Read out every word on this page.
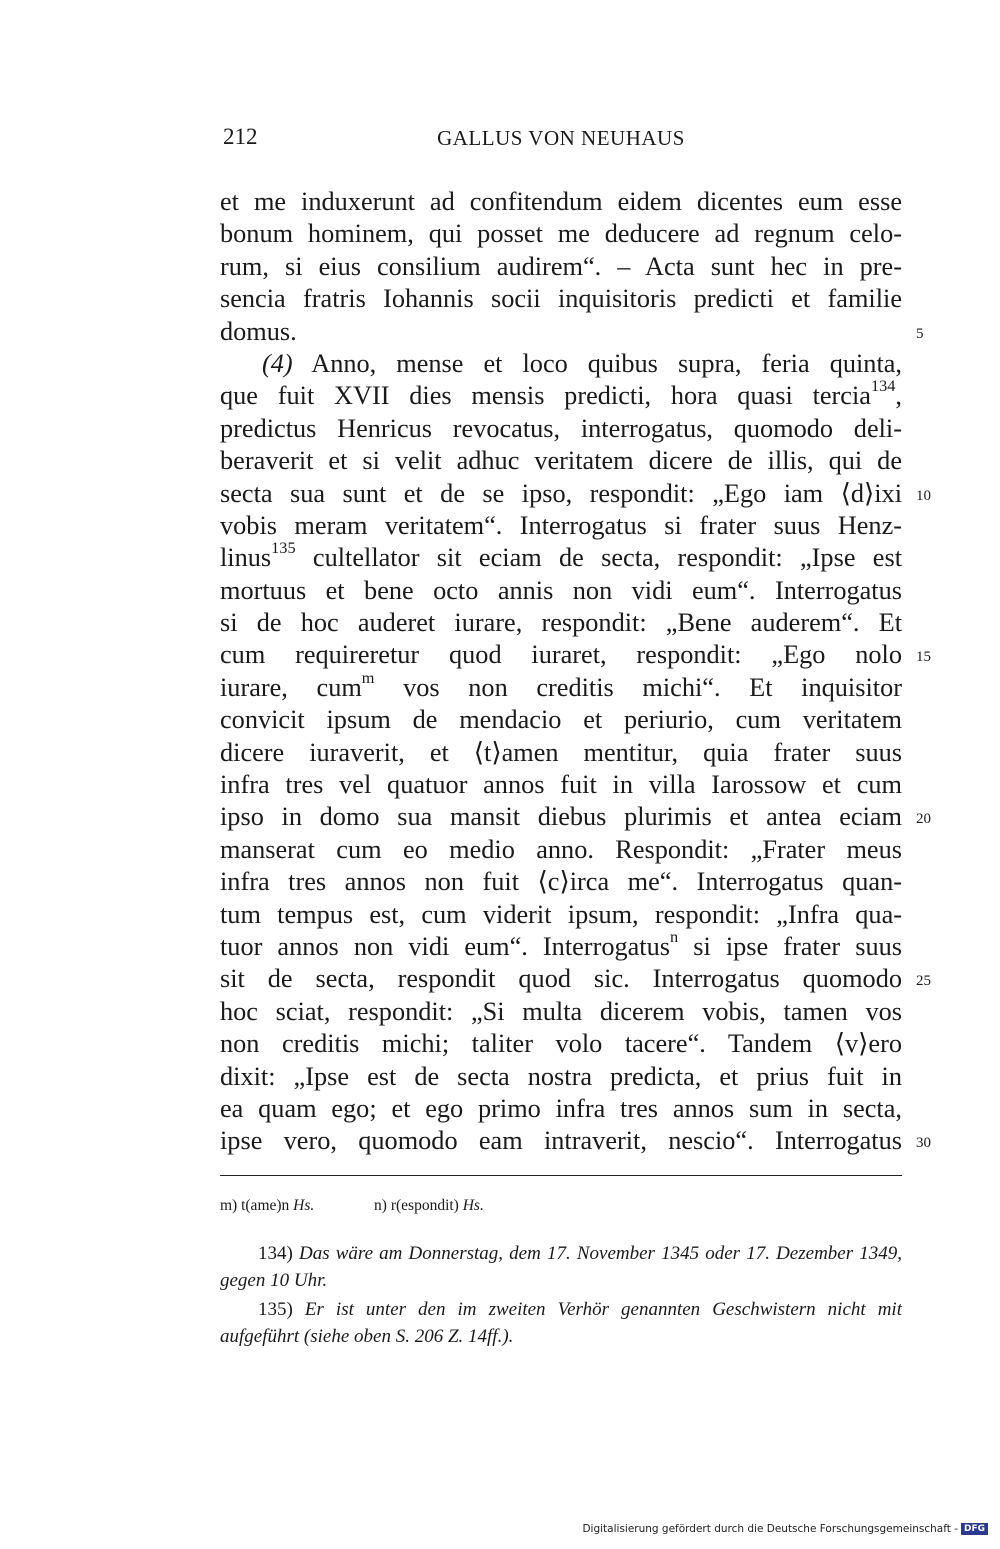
212	GALLUS VON NEUHAUS
et me induxerunt ad confitendum eidem dicentes eum esse
bonum hominem, qui posset me deducere ad regnum celo-
rum, si eius consilium audirem“. – Acta sunt hec in pre-
sencia fratris Iohannis socii inquisitoris predicti et familie
domus.	5
(4) Anno, mense et loco quibus supra, feria quinta,
que fuit XVII dies mensis predicti, hora quasi tercia$^{134}$,
predictus Henricus revocatus, interrogatus, quomodo deli-
beraverit et si velit adhuc veritatem dicere de illis, qui de
secta sua sunt et de se ipso, respondit: „Ego iam ⟨d⟩ixi 10
vobis meram veritatem“. Interrogatus si frater suus Henz-
linus$^{135}$ cultellator sit eciam de secta, respondit: „Ipse est
mortuus et bene octo annis non vidi eum“. Interrogatus
si de hoc auderet iurare, respondit: „Bene auderem“. Et
cum requireretur quod iuraret, respondit: „Ego nolo 15
iurare, cum$^m$ vos non creditis michi“. Et inquisitor
convicit ipsum de mendacio et periurio, cum veritatem
dicere iuraverit, et ⟨t⟩amen mentitur, quia frater suus
infra tres vel quatuor annos fuit in villa Iarossow et cum
ipso in domo sua mansit diebus plurimis et antea eciam 20
manserat cum eo medio anno. Respondit: „Frater meus
infra tres annos non fuit ⟨c⟩irca me“. Interrogatus quan-
tum tempus est, cum viderit ipsum, respondit: „Infra qua-
tuor annos non vidi eum“. Interrogatus$^n$ si ipse frater suus
sit de secta, respondit quod sic. Interrogatus quomodo 25
hoc sciat, respondit: „Si multa dicerem vobis, tamen vos
non creditis michi; taliter volo tacere“. Tandem ⟨v⟩ero
dixit: „Ipse est de secta nostra predicta, et prius fuit in
ea quam ego; et ego primo infra tres annos sum in secta,
ipse vero, quomodo eam intraverit, nescio“. Interrogatus 30
m) t(ame)n Hs.	n) r(espondit) Hs.

134) Das wäre am Donnerstag, dem 17. November 1345 oder 17. Dezember 1349, gegen 10 Uhr.

135) Er ist unter den im zweiten Verhör genannten Geschwistern nicht mit aufgeführt (siehe oben S. 206 Z. 14ff.).

Digitalisierung gefördert durch die Deutsche Forschungsgemeinschaft - DFG
